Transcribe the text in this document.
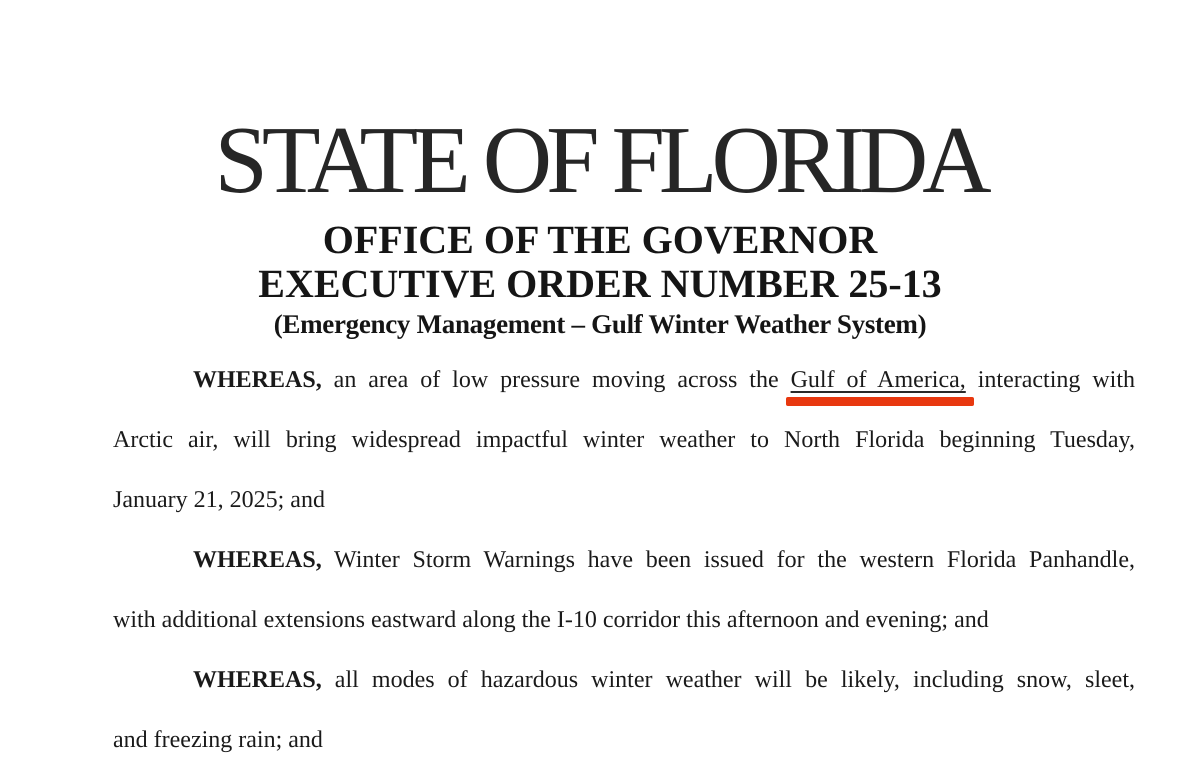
STATE OF FLORIDA
OFFICE OF THE GOVERNOR
EXECUTIVE ORDER NUMBER 25-13
(Emergency Management – Gulf Winter Weather System)
WHEREAS, an area of low pressure moving across the Gulf of America,
interacting with
Arctic air, will bring widespread impactful winter weather to North Florida beginning Tuesday,
January 21, 2025; and
WHEREAS, Winter Storm Warnings have been issued for the western Florida Panhandle,
with additional extensions eastward along the I-10 corridor this afternoon and evening; and
WHEREAS, all modes of hazardous winter weather will be likely, including snow, sleet,
and freezing rain; and
